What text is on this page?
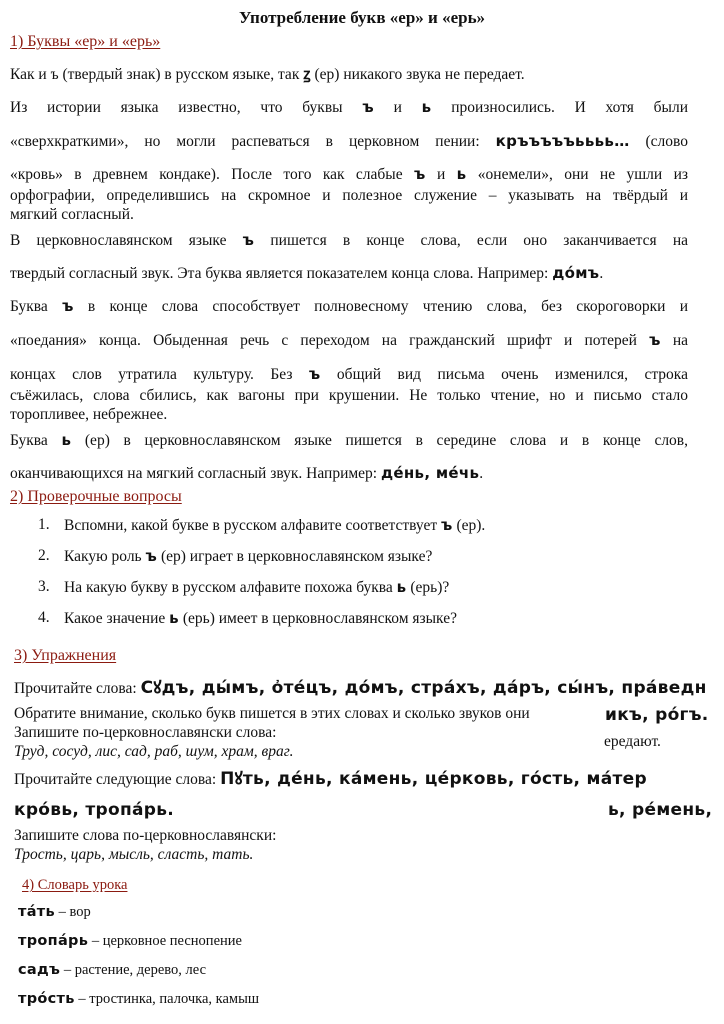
Употребление букв «ер» и «ерь»
1) Буквы «ер» и «ерь»
Как и ъ (твердый знак) в русском языке, так ꙁ (ер) никакого звука не передает.
Из истории языка известно, что буквы ъ и ь произносились. И хотя были
«сверхкраткими», но могли распеваться в церковном пении: кръъъъъьььь… (слово
«кровь» в древнем кондаке). После того как слабые ъ и ь «онемели», они не ушли из
орфографии, определившись на скромное и полезное служение – указывать на твёрдый и
мягкий согласный.
В церковнославянском языке ъ пишется в конце слова, если оно заканчивается на
твердый согласный звук. Эта буква является показателем конца слова. Например: до́мъ.
Буква ъ в конце слова способствует полновесному чтению слова, без скороговорки и
«поедания» конца. Обыденная речь с переходом на гражданский шрифт и потерей ъ на
концах слов утратила культуру. Без ъ общий вид письма очень изменился, строка
съёжилась, слова сбились, как вагоны при крушении. Не только чтение, но и письмо стало
торопливее, небрежнее.
Буква ь (ер) в церковнославянском языке пишется в середине слова и в конце слов,
оканчивающихся на мягкий согласный звук. Например: де́нь, ме́чь.
2) Проверочные вопросы
1. Вспомни, какой букве в русском алфавите соответствует ъ (ер).
2. Какую роль ъ (ер) играет в церковнославянском языке?
3. На какую букву в русском алфавите похожа буква ь (ерь)?
4. Какое значение ь (ерь) имеет в церковнославянском языке?
3) Упражнения
Прочитайте слова: Сꙋдъ, ды́мъ, о҆те́цъ, до́мъ, стра́хъ, да́ръ, сы́нъ, пра́ведн
Обратите внимание, сколько букв пишется в этих словах и сколько звуков они	икъ, ро́гъ.
Запишите по-церковнославянски слова:
ередают.
Труд, сосуд, лис, сад, раб, шум, храм, враг.
Прочитайте следующие слова: Пꙋть, де́нь, ка́мень, це́рковь, го́сть, ма́тер
кро́вь, тропа́рь.	ь, ре́мень,
Запишите слова по-церковнославянски:
Трость, царь, мысль, сласть, тать.
4) Словарь урока
та́ть – вор
тропа́рь – церковное песнопение
садъ – растение, дерево, лес
тро́сть – тростинка, палочка, камыш
